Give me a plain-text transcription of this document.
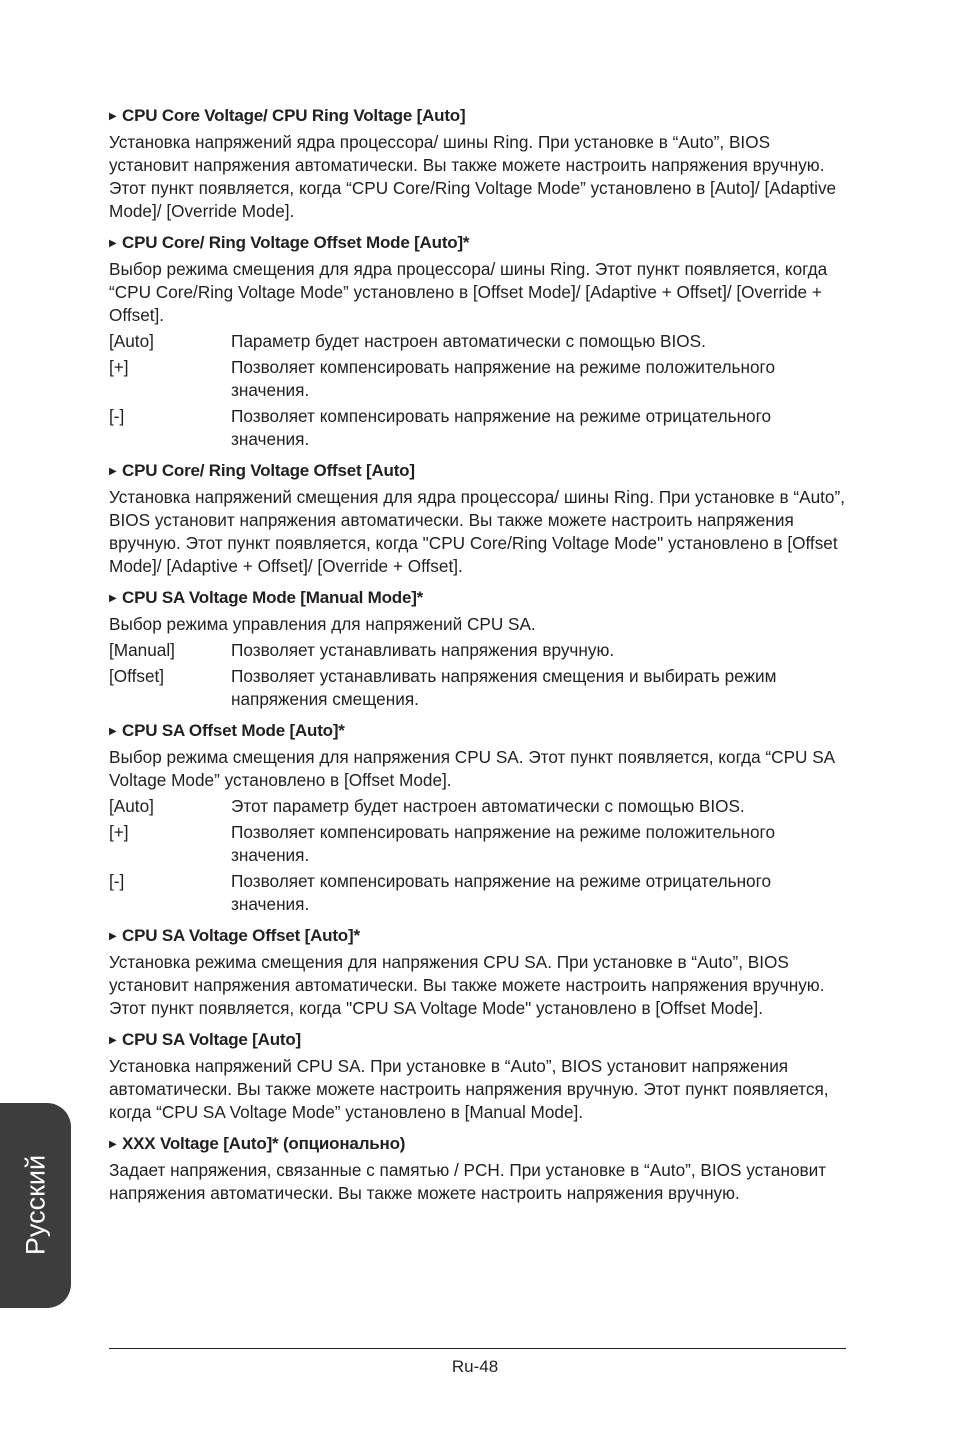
▶ CPU Core Voltage/ CPU Ring Voltage [Auto]
Установка напряжений ядра процессора/ шины Ring. При установке в “Auto”, BIOS установит напряжения автоматически. Вы также можете настроить напряжения вручную. Этот пункт появляется, когда “CPU Core/Ring Voltage Mode” установлено в [Auto]/ [Adaptive Mode]/ [Override Mode].
▶ CPU Core/ Ring Voltage Offset Mode [Auto]*
Выбор режима смещения для ядра процессора/ шины Ring. Этот пункт появляется, когда “CPU Core/Ring Voltage Mode” установлено в [Offset Mode]/ [Adaptive + Offset]/ [Override + Offset].
[Auto]	Параметр будет настроен автоматически с помощью BIOS.
[+]	Позволяет компенсировать напряжение на режиме положительного значения.
[-]	Позволяет компенсировать напряжение на режиме отрицательного значения.
▶ CPU Core/ Ring Voltage Offset [Auto]
Установка напряжений смещения для ядра процессора/ шины Ring. При установке в “Auto”, BIOS установит напряжения автоматически. Вы также можете настроить напряжения вручную. Этот пункт появляется, когда "CPU Core/Ring Voltage Mode" установлено в [Offset Mode]/ [Adaptive + Offset]/ [Override + Offset].
▶ CPU SA Voltage Mode [Manual Mode]*
Выбор режима управления для напряжений CPU SA.
[Manual]	Позволяет устанавливать напряжения вручную.
[Offset]	Позволяет устанавливать напряжения смещения и выбирать режим напряжения смещения.
▶ CPU SA Offset Mode [Auto]*
Выбор режима смещения для напряжения CPU SA. Этот пункт появляется, когда “CPU SA Voltage Mode” установлено в [Offset Mode].
[Auto]	Этот параметр будет настроен автоматически с помощью BIOS.
[+]	Позволяет компенсировать напряжение на режиме положительного значения.
[-]	Позволяет компенсировать напряжение на режиме отрицательного значения.
▶ CPU SA Voltage Offset [Auto]*
Установка режима смещения для напряжения CPU SA. При установке в “Auto”, BIOS установит напряжения автоматически. Вы также можете настроить напряжения вручную. Этот пункт появляется, когда "CPU SA Voltage Mode" установлено в [Offset Mode].
▶ CPU SA Voltage [Auto]
Установка напряжений CPU SA. При установке в “Auto”, BIOS установит напряжения автоматически. Вы также можете настроить напряжения вручную. Этот пункт появляется, когда “CPU SA Voltage Mode” установлено в [Manual Mode].
▶ XXX Voltage [Auto]* (опционально)
Задает напряжения, связанные с памятью / PCH. При установке в “Auto”, BIOS установит напряжения автоматически. Вы также можете настроить напряжения вручную.
Русский
Ru-48
